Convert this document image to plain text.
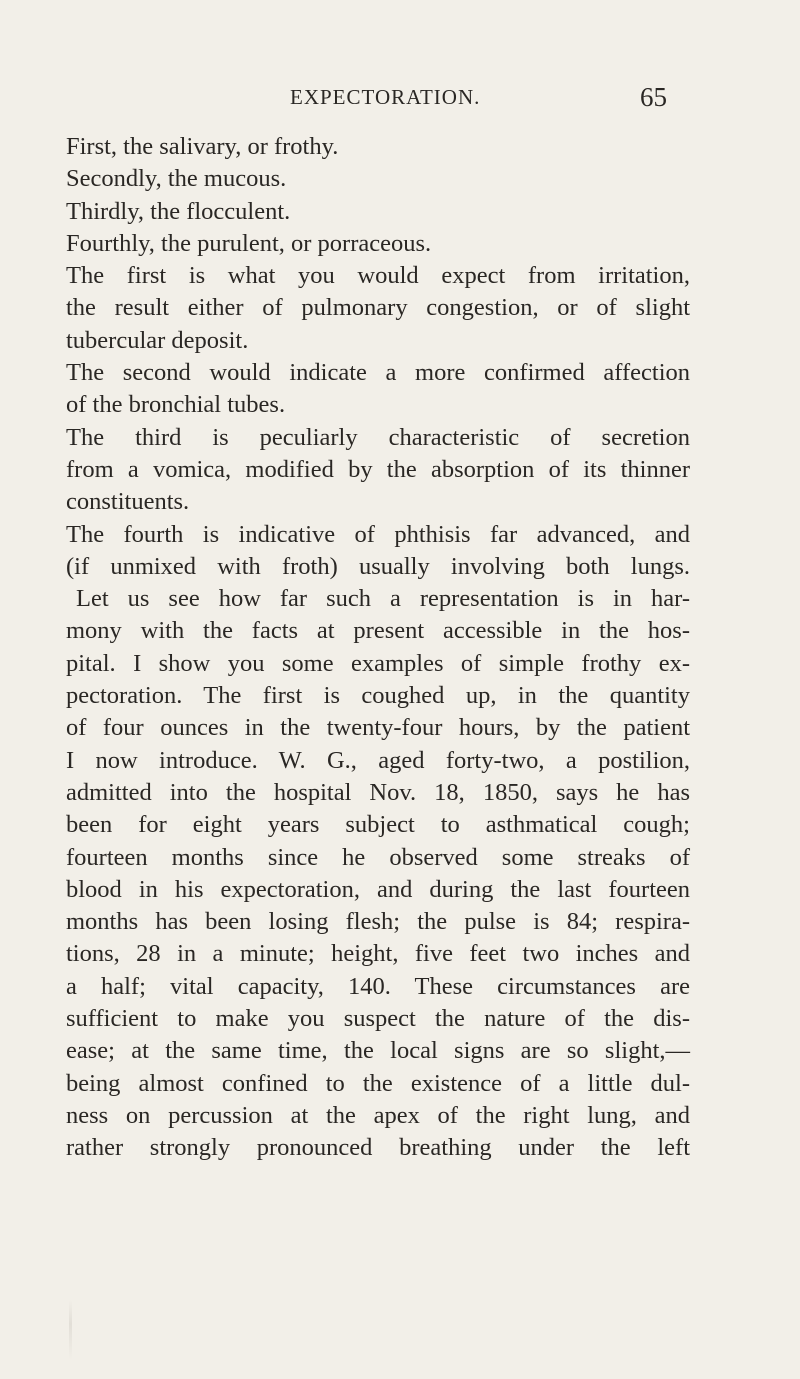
EXPECTORATION.	65
First, the salivary, or frothy.
Secondly, the mucous.
Thirdly, the flocculent.
Fourthly, the purulent, or porraceous.
The first is what you would expect from irritation,
the result either of pulmonary congestion, or of slight
tubercular deposit.
The second would indicate a more confirmed affection
of the bronchial tubes.
The third is peculiarly characteristic of secretion
from a vomica, modified by the absorption of its thinner
constituents.
The fourth is indicative of phthisis far advanced, and
(if unmixed with froth) usually involving both lungs.
Let us see how far such a representation is in har-
mony with the facts at present accessible in the hos-
pital. I show you some examples of simple frothy ex-
pectoration. The first is coughed up, in the quantity
of four ounces in the twenty-four hours, by the patient
I now introduce. W. G., aged forty-two, a postilion,
admitted into the hospital Nov. 18, 1850, says he has
been for eight years subject to asthmatical cough;
fourteen months since he observed some streaks of
blood in his expectoration, and during the last fourteen
months has been losing flesh; the pulse is 84; respira-
tions, 28 in a minute; height, five feet two inches and
a half; vital capacity, 140. These circumstances are
sufficient to make you suspect the nature of the dis-
ease; at the same time, the local signs are so slight,—
being almost confined to the existence of a little dul-
ness on percussion at the apex of the right lung, and
rather strongly pronounced breathing under the left
